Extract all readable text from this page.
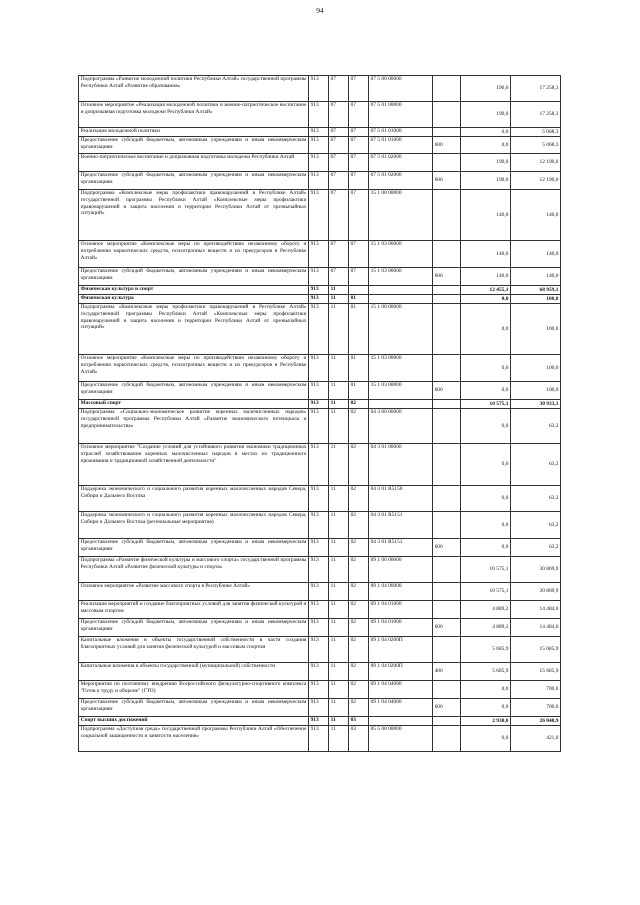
94
Подпрограмма «Развитие молодежной политики Республики Алтай» государственной программы Республики Алтай «Развитие образования»	913	07	07	07 5 00 00000		190,0	17 258,3
Основное мероприятие «Реализация молодежной политики и военно-патриотическое воспитание и допризывная подготовка молодежи Республики Алтай»	913	07	07	07 5 01 00000		190,0	17 258,3
Реализация молодежной политики	913	07	07	07 5 01 01000		0,0	5 068,3
Предоставление субсидий бюджетным, автономным учреждениям и иным некоммерческим организациям	913	07	07	07 5 01 01000	600	0,0	5 068,3
Военно-патриотическое воспитание и допризывная подготовка молодежи Республики Алтай	913	07	07	07 5 01 02000		190,0	12 190,0
Предоставление субсидий бюджетным, автономным учреждениям и иным некоммерческим организациям	913	07	07	07 5 01 02000	600	190,0	12 190,0
Подпрограмма «Комплексные меры профилактики правонарушений в Республике Алтай» государственной программы Республики Алтай «Комплексные меры профилактики правонарушений и защита населения и территории Республики Алтай от чрезвычайных ситуаций»	913	07	07	15 1 00 00000		140,0	140,0
Основное мероприятие «Комплексные меры по противодействию незаконному обороту и потреблению наркотических средств, психотропных веществ и их прекурсоров в Республике Алтай»	913	07	07	15 1 03 00000		140,0	140,0
Предоставление субсидий бюджетным, автономным учреждениям и иным некоммерческим организациям	913	07	07	15 1 03 00000	600	140,0	140,0
Физическая культура и спорт	913	11				12 455,1	68 959,1
Физическая культура	913	11	01			0,0	100,0
Подпрограмма «Комплексные меры профилактики правонарушений в Республике Алтай» государственной программы Республики Алтай «Комплексные меры профилактики правонарушений и защита населения и территории Республики Алтай от чрезвычайных ситуаций»	913	11	01	15 1 00 00000		0,0	100,0
Основное мероприятие «Комплексные меры по противодействию незаконному обороту и потреблению наркотических средств, психотропных веществ и их прекурсоров в Республике Алтай»	913	11	01	15 1 03 00000		0,0	100,0
Предоставление субсидий бюджетным, автономным учреждениям и иным некоммерческим организациям	913	11	01	15 1 03 00000	600	0,0	100,0
Массовый спорт	913	11	02			10 575,1	30 933,1
Подпрограмма «Социально-экономическое развитие коренных малочисленных народов» государственной программы Республики Алтай «Развитие экономического потенциала и предпринимательства»	913	11	02	04 3 00 00000		0,0	63,2
Основное мероприятие "Создание условий для устойчивого развития экономики традиционных отраслей хозяйствования коренных малочисленных народов в местах их традиционного проживания и традиционной хозяйственной деятельности"	913	11	02	04 3 01 00000		0,0	63,2
Поддержка экономического и социального развития коренных малочисленных народов Севера, Сибири и Дальнего Востока	913	11	02	04 3 01 R5150		0,0	63,2
Поддержка экономического и социального развития коренных малочисленных народов Севера, Сибири и Дальнего Востока (региональные мероприятия)	913	11	02	04 3 01 R5151		0,0	63,2
Предоставление субсидий бюджетным, автономным учреждениям и иным некоммерческим организациям	913	11	02	04 3 01 R5151	600	0,0	63,2
Подпрограмма «Развитие физической культуры и массового спорта» государственной программы Республики Алтай «Развитие физической культуры и спорта»	913	11	02	09 1 00 00000		10 575,1	30 869,9
Основное мероприятие «Развитие массового спорта в Республике Алтай»	913	11	02	09 1 04 00000		10 575,1	30 869,9
Реализация мероприятий и создание благоприятных условий для занятия физической культурой и массовым спортом	913	11	02	09 1 04 01000		4 889,2	14 484,0
Предоставление субсидий бюджетным, автономным учреждениям и иным некоммерческим организациям	913	11	02	09 1 04 01000	600	4 889,2	14 484,0
Капитальные вложения в объекты государственной собственности в части создания благоприятных условий для занятия физической культурой и массовым спортом	913	11	02	09 1 04 0200П		5 685,9	15 685,9
Капитальные вложения в объекты государственной (муниципальной) собственности	913	11	02	09 1 04 0200П	400	5 685,9	15 685,9
Мероприятия по поэтапному внедрению Всероссийского физкультурно-спортивного комплекса "Готов к труду и обороне" (ГТО)	913	11	02	09 1 04 04000		0,0	700,0
Предоставление субсидий бюджетным, автономным учреждениям и иным некоммерческим организациям	913	11	02	09 1 04 04000	600	0,0	700,0
Спорт высших достижений	913	11	03			2 930,0	26 048,9
Подпрограмма «Доступная среда» государственной программы Республики Алтай «Обеспечение социальной защищенности и занятости населения»	913	11	03	05 5 00 00000		0,0	421,0
